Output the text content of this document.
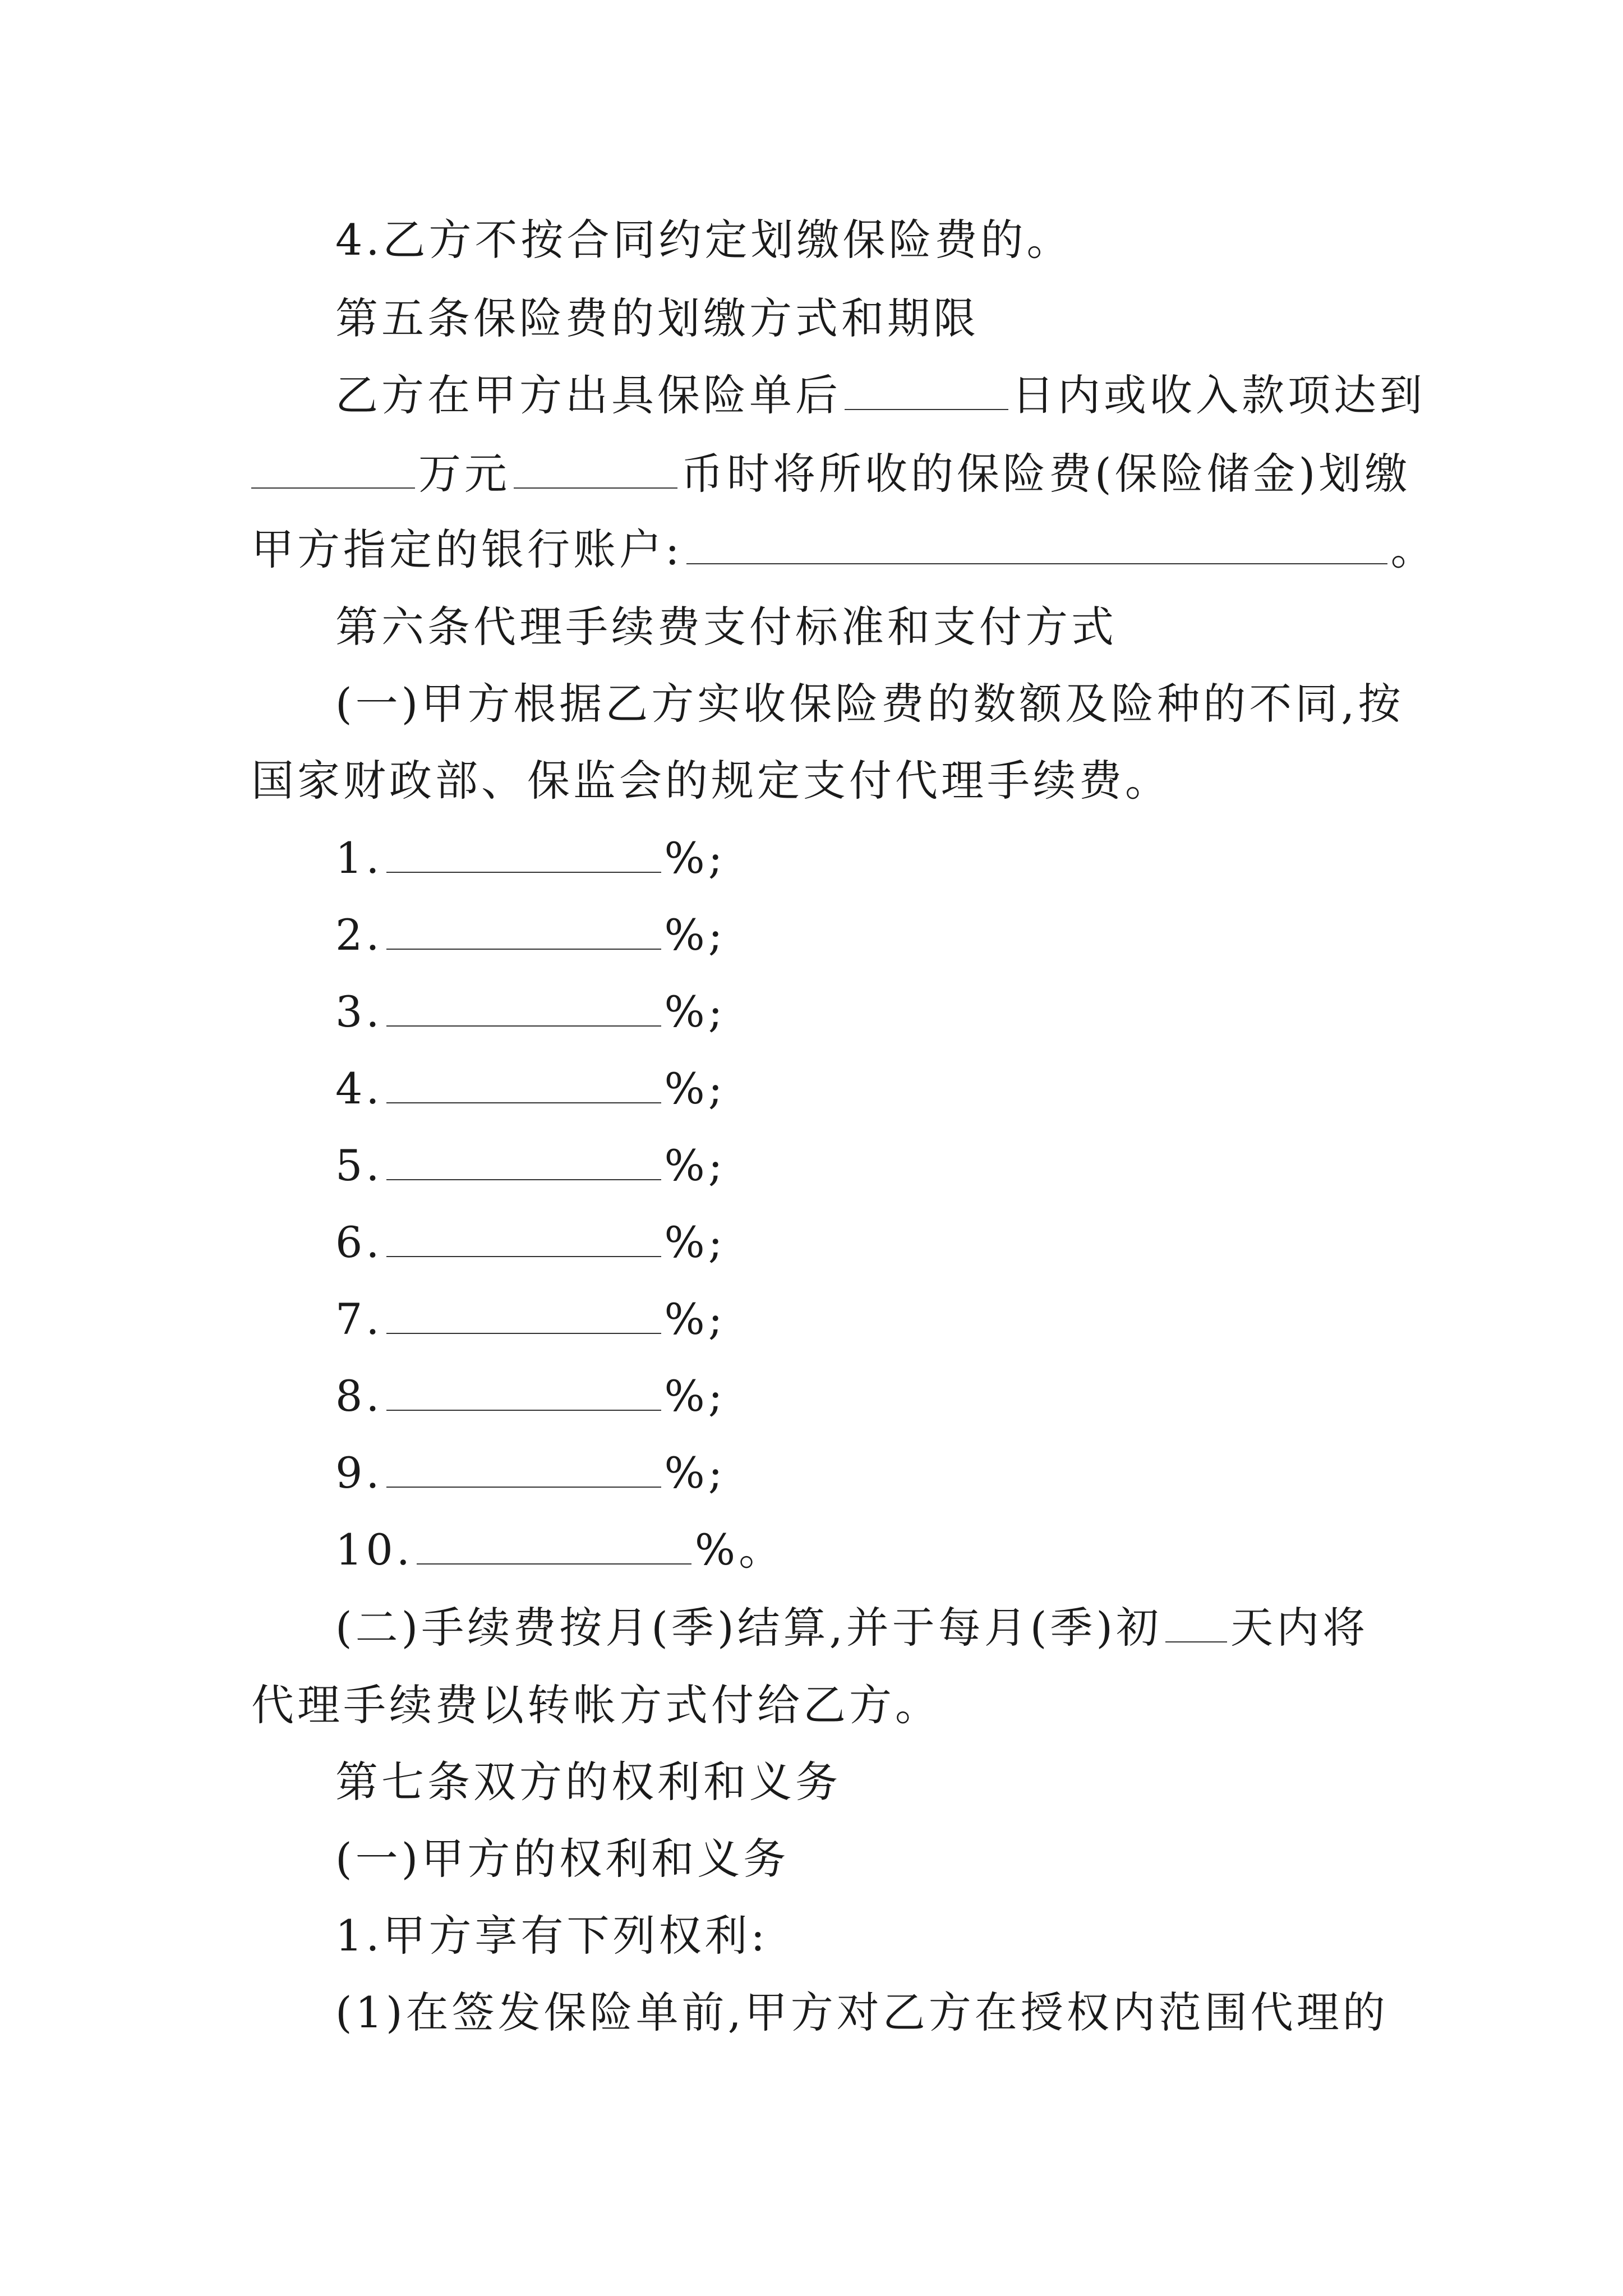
4.乙方不按合同约定划缴保险费的。
第五条保险费的划缴方式和期限
乙方在甲方出具保险单后	日内或收入款项达到
万元	币时将所收的保险费(保险储金)划缴
甲方指定的银行账户:	。
第六条代理手续费支付标准和支付方式
(一)甲方根据乙方实收保险费的数额及险种的不同,按
国家财政部、保监会的规定支付代理手续费。
1.	%;
2.	%;
3.	%;
4.	%;
5.	%;
6.	%;
7.	%;
8.	%;
9.	%;
10.	%。
(二)手续费按月(季)结算,并于每月(季)初 天内将
代理手续费以转帐方式付给乙方。
第七条双方的权利和义务
(一)甲方的权利和义务
1.甲方享有下列权利:
(1)在签发保险单前,甲方对乙方在授权内范围代理的
